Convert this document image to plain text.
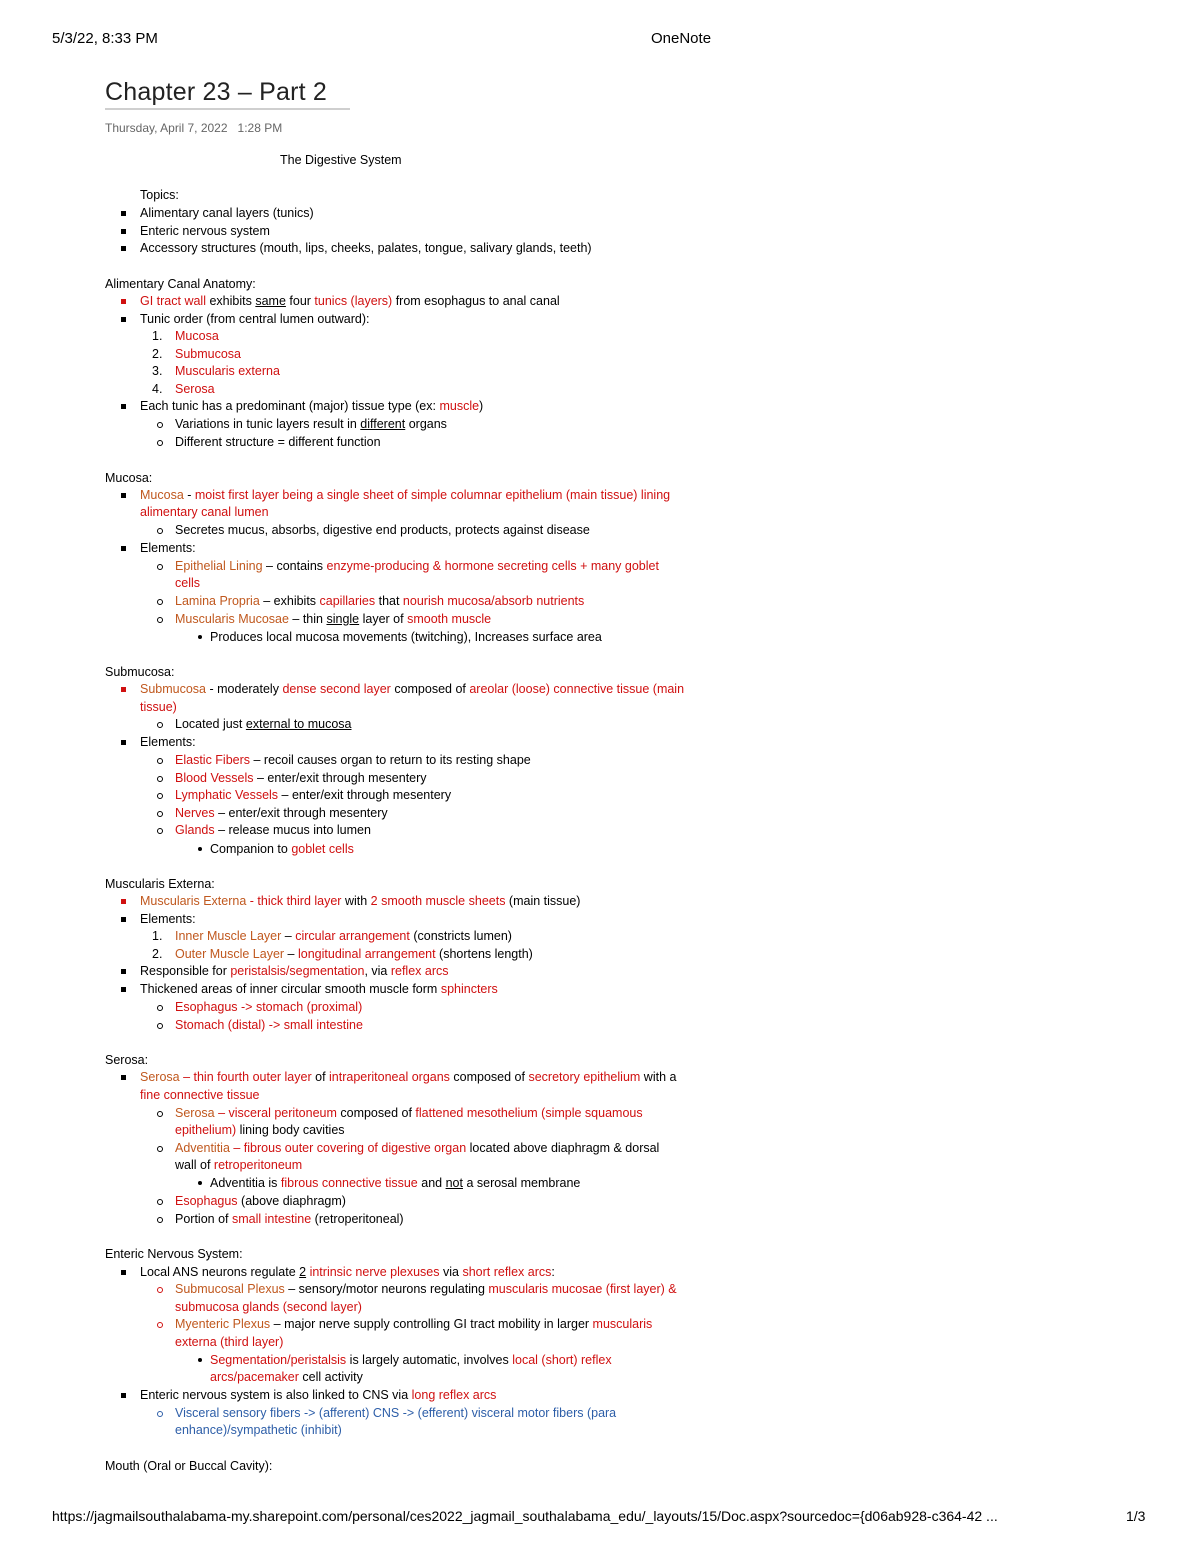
5/3/22, 8:33 PM	OneNote
Chapter 23 – Part 2
Thursday, April 7, 2022 1:28 PM
The Digestive System
Topics:
Alimentary canal layers (tunics)
Enteric nervous system
Accessory structures (mouth, lips, cheeks, palates, tongue, salivary glands, teeth)
Alimentary Canal Anatomy:
GI tract wall exhibits same four tunics (layers) from esophagus to anal canal
Tunic order (from central lumen outward):
1. Mucosa
2. Submucosa
3. Muscularis externa
4. Serosa
Each tunic has a predominant (major) tissue type (ex: muscle)
Variations in tunic layers result in different organs
Different structure = different function
Mucosa:
Mucosa - moist first layer being a single sheet of simple columnar epithelium (main tissue) lining
alimentary canal lumen
Secretes mucus, absorbs, digestive end products, protects against disease
Elements:
Epithelial Lining – contains enzyme-producing & hormone secreting cells + many goblet
cells
Lamina Propria – exhibits capillaries that nourish mucosa/absorb nutrients
Muscularis Mucosae – thin single layer of smooth muscle
Produces local mucosa movements (twitching), Increases surface area
Submucosa:
Submucosa - moderately dense second layer composed of areolar (loose) connective tissue (main
tissue)
Located just external to mucosa
Elements:
Elastic Fibers – recoil causes organ to return to its resting shape
Blood Vessels – enter/exit through mesentery
Lymphatic Vessels – enter/exit through mesentery
Nerves – enter/exit through mesentery
Glands – release mucus into lumen
Companion to goblet cells
Muscularis Externa:
Muscularis Externa - thick third layer with 2 smooth muscle sheets (main tissue)
Elements:
1. Inner Muscle Layer – circular arrangement (constricts lumen)
2. Outer Muscle Layer – longitudinal arrangement (shortens length)
Responsible for peristalsis/segmentation, via reflex arcs
Thickened areas of inner circular smooth muscle form sphincters
Esophagus -> stomach (proximal)
Stomach (distal) -> small intestine
Serosa:
Serosa – thin fourth outer layer of intraperitoneal organs composed of secretory epithelium with a
fine connective tissue
Serosa – visceral peritoneum composed of flattened mesothelium (simple squamous
epithelium) lining body cavities
Adventitia – fibrous outer covering of digestive organ located above diaphragm & dorsal
wall of retroperitoneum
Adventitia is fibrous connective tissue and not a serosal membrane
Esophagus (above diaphragm)
Portion of small intestine (retroperitoneal)
Enteric Nervous System:
Local ANS neurons regulate 2 intrinsic nerve plexuses via short reflex arcs:
Submucosal Plexus – sensory/motor neurons regulating muscularis mucosae (first layer) &
submucosa glands (second layer)
Myenteric Plexus – major nerve supply controlling GI tract mobility in larger muscularis
externa (third layer)
Segmentation/peristalsis is largely automatic, involves local (short) reflex
arcs/pacemaker cell activity
Enteric nervous system is also linked to CNS via long reflex arcs
Visceral sensory fibers -> (afferent) CNS -> (efferent) visceral motor fibers (para
enhance)/sympathetic (inhibit)
Mouth (Oral or Buccal Cavity):
https://jagmailsouthalabama-my.sharepoint.com/personal/ces2022_jagmail_southalabama_edu/_layouts/15/Doc.aspx?sourcedoc={d06ab928-c364-42 ...	1/3
